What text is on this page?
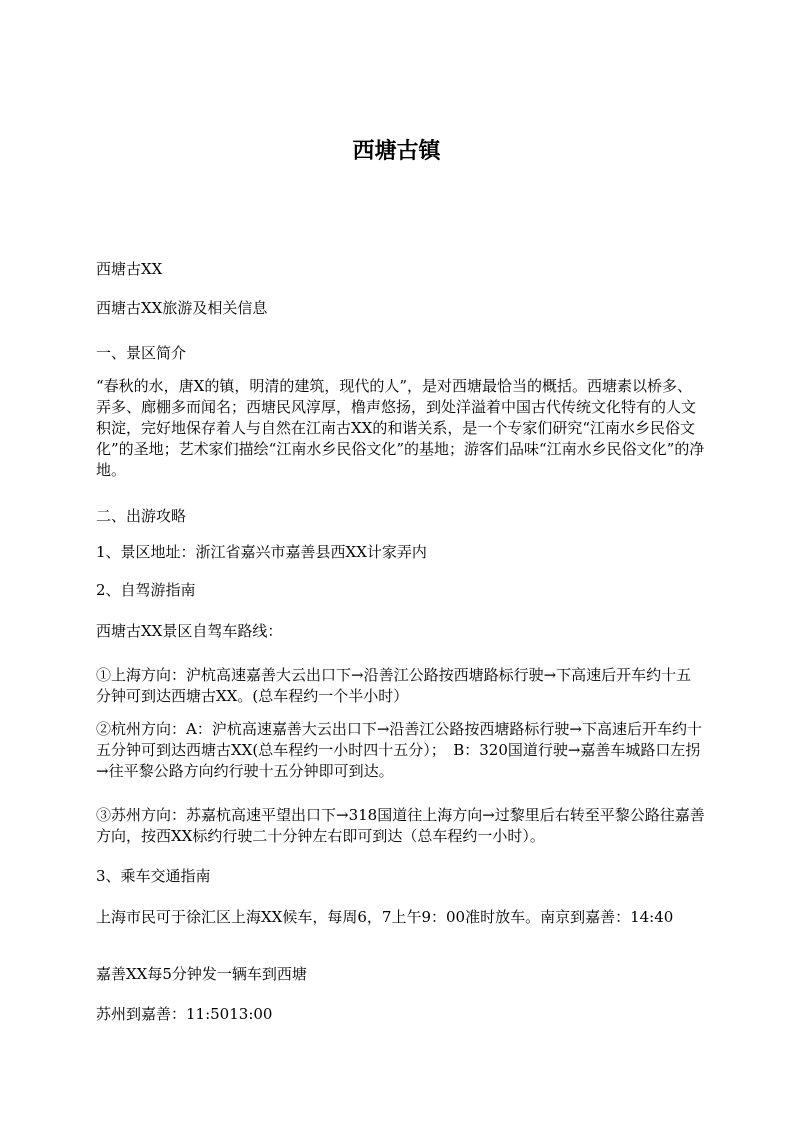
西塘古镇

西塘古XX

西塘古XX旅游及相关信息

一、景区简介

“春秋的水，唐X的镇，明清的建筑，现代的人”，是对西塘最恰当的概括。西塘素以桥多、弄多、廊棚多而闻名；西塘民风淳厚，橹声悠扬，到处洋溢着中国古代传统文化特有的人文积淀，完好地保存着人与自然在江南古XX的和谐关系，是一个专家们研究“江南水乡民俗文化”的圣地；艺术家们描绘“江南水乡民俗文化”的基地；游客们品味“江南水乡民俗文化”的净地。

二、出游攻略

1、景区地址：浙江省嘉兴市嘉善县西XX计家弄内

2、自驾游指南

西塘古XX景区自驾车路线：

①上海方向：沪杭高速嘉善大云出口下→沿善江公路按西塘路标行驶→下高速后开车约十五分钟可到达西塘古XX。(总车程约一个半小时）

②杭州方向：A：沪杭高速嘉善大云出口下→沿善江公路按西塘路标行驶→下高速后开车约十五分钟可到达西塘古XX(总车程约一小时四十五分）；　B：320国道行驶→嘉善车城路口左拐→往平黎公路方向约行驶十五分钟即可到达。

③苏州方向：苏嘉杭高速平望出口下→318国道往上海方向→过黎里后右转至平黎公路往嘉善方向，按西XX标约行驶二十分钟左右即可到达（总车程约一小时）。

3、乘车交通指南

上海市民可于徐汇区上海XX候车，每周6，7上午9：00准时放车。南京到嘉善：14:40

嘉善XX每5分钟发一辆车到西塘

苏州到嘉善：11:5013:00
